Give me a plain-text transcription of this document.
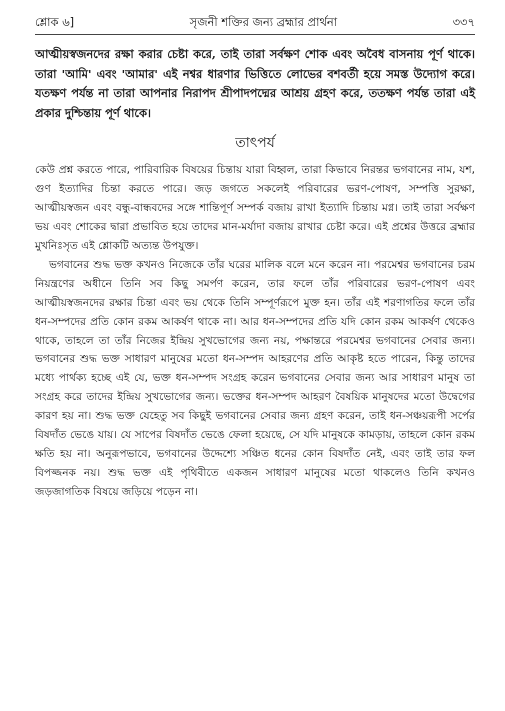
শ্লোক ৬]	সৃজনী শক্তির জন্য ব্রহ্মার প্রার্থনা	৩৩৭

আত্মীয়স্বজনদের রক্ষা করার চেষ্টা করে, তাই তারা সর্বক্ষণ শোক এবং অবৈধ বাসনায় পূর্ণ থাকে। তারা 'আমি' এবং 'আমার' এই নশ্বর ধারণার ভিত্তিতে লোভের বশবর্তী হয়ে সমস্ত উদ্যোগ করে। যতক্ষণ পর্যন্ত না তারা আপনার নিরাপদ শ্রীপাদপদ্মের আশ্রয় গ্রহণ করে, ততক্ষণ পর্যন্ত তারা এই প্রকার দুশ্চিন্তায় পূর্ণ থাকে।

তাৎপর্য

কেউ প্রশ্ন করতে পারে, পারিবারিক বিষয়ের চিন্তায় যারা বিহ্বল, তারা কিভাবে নিরন্তর ভগবানের নাম, যশ, গুণ ইত্যাদির চিন্তা করতে পারে। জড় জগতে সকলেই পরিবারের ভরণ-পোষণ, সম্পত্তি সুরক্ষা, আত্মীয়স্বজন এবং বন্ধু-বান্ধবদের সঙ্গে শান্তিপূর্ণ সম্পর্ক বজায় রাখা ইত্যাদি চিন্তায় মগ্ন। তাই তারা সর্বক্ষণ ভয় এবং শোকের দ্বারা প্রভাবিত হয়ে তাদের মান-মর্যাদা বজায় রাখার চেষ্টা করে। এই প্রশ্নের উত্তরে ব্রহ্মার মুখনিঃসৃত এই শ্লোকটি অত্যন্ত উপযুক্ত।

ভগবানের শুদ্ধ ভক্ত কখনও নিজেকে তাঁর ঘরের মালিক বলে মনে করেন না। পরমেশ্বর ভগবানের চরম নিয়ন্ত্রণের অধীনে তিনি সব কিছু সমর্পণ করেন, তার ফলে তাঁর পরিবারের ভরণ-পোষণ এবং আত্মীয়স্বজনদের রক্ষার চিন্তা এবং ভয় থেকে তিনি সম্পূর্ণরূপে মুক্ত হন। তাঁর এই শরণাগতির ফলে তাঁর ধন-সম্পদের প্রতি কোন রকম আকর্ষণ থাকে না। আর ধন-সম্পদের প্রতি যদি কোন রকম আকর্ষণ থেকেও থাকে, তাহলে তা তাঁর নিজের ইন্দ্রিয় সুখভোগের জন্য নয়, পক্ষান্তরে পরমেশ্বর ভগবানের সেবার জন্য। ভগবানের শুদ্ধ ভক্ত সাধারণ মানুষের মতো ধন-সম্পদ আহরণের প্রতি আকৃষ্ট হতে পারেন, কিন্তু তাদের মধ্যে পার্থক্য হচ্ছে এই যে, ভক্ত ধন-সম্পদ সংগ্রহ করেন ভগবানের সেবার জন্য আর সাধারণ মানুষ তা সংগ্রহ করে তাদের ইন্দ্রিয় সুখভোগের জন্য। ভক্তের ধন-সম্পদ আহরণ বৈষয়িক মানুষদের মতো উদ্বেগের কারণ হয় না। শুদ্ধ ভক্ত যেহেতু সব কিছুই ভগবানের সেবার জন্য গ্রহণ করেন, তাই ধন-সঞ্চয়রূপী সর্পের বিষদাঁত ভেঙে যায়। যে সাপের বিষদাঁত ভেঙে ফেলা হয়েছে, সে যদি মানুষকে কামড়ায়, তাহলে কোন রকম ক্ষতি হয় না। অনুরূপভাবে, ভগবানের উদ্দেশ্যে সঞ্চিত ধনের কোন বিষদাঁত নেই, এবং তাই তার ফল বিপজ্জনক নয়। শুদ্ধ ভক্ত এই পৃথিবীতে একজন সাধারণ মানুষের মতো থাকলেও তিনি কখনও জড়জাগতিক বিষয়ে জড়িয়ে পড়েন না।
